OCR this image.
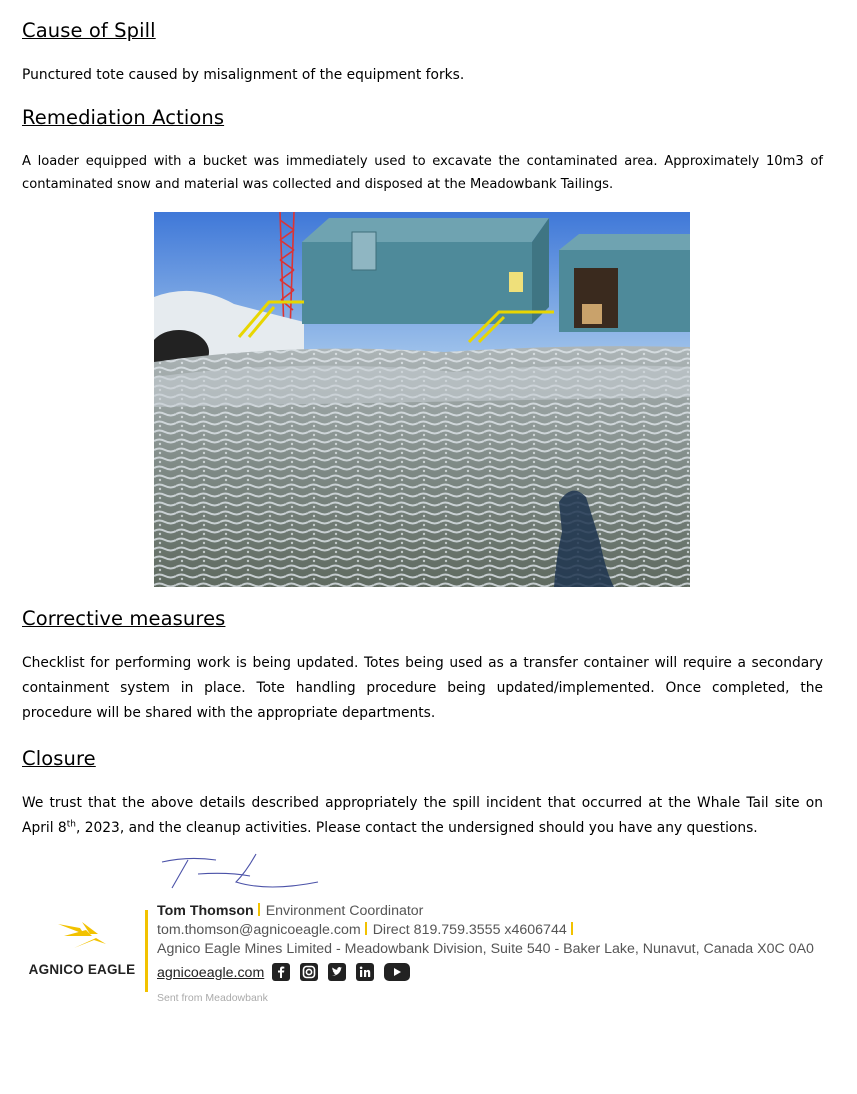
Cause of Spill

Punctured tote caused by misalignment of the equipment forks.

Remediation Actions

A loader equipped with a bucket was immediately used to excavate the contaminated area. Approximately 10m3 of contaminated snow and material was collected and disposed at the Meadowbank Tailings.

Corrective measures

Checklist for performing work is being updated. Totes being used as a transfer container will require a secondary containment system in place. Tote handling procedure being updated/implemented. Once completed, the procedure will be shared with the appropriate departments.

Closure

We trust that the above details described appropriately the spill incident that occurred at the Whale Tail site on April 8th, 2023, and the cleanup activities. Please contact the undersigned should you have any questions.

AGNICO EAGLE
Tom Thomson Environment Coordinator
tom.thomson@agnicoeagle.com Direct 819.759.3555 x4606744
Agnico Eagle Mines Limited - Meadowbank Division, Suite 540 - Baker Lake, Nunavut, Canada X0C 0A0
agnicoeagle.com
Sent from Meadowbank
